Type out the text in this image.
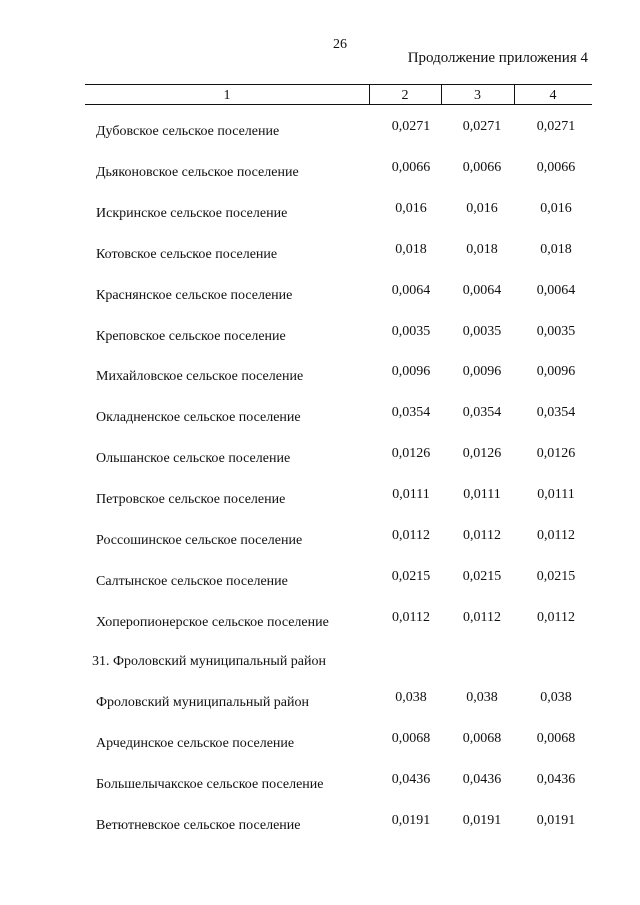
26
Продолжение приложения 4
1	2	3	4
Дубовское сельское поселение	0,0271	0,0271	0,0271
Дьяконовское сельское поселение	0,0066	0,0066	0,0066
Искринское сельское поселение	0,016	0,016	0,016
Котовское сельское поселение	0,018	0,018	0,018
Краснянское сельское поселение	0,0064	0,0064	0,0064
Креповское сельское поселение	0,0035	0,0035	0,0035
Михайловское сельское поселение	0,0096	0,0096	0,0096
Окладненское сельское поселение	0,0354	0,0354	0,0354
Ольшанское сельское поселение	0,0126	0,0126	0,0126
Петровское сельское поселение	0,0111	0,0111	0,0111
Россошинское сельское поселение	0,0112	0,0112	0,0112
Салтынское сельское поселение	0,0215	0,0215	0,0215
Хоперопионерское сельское поселение	0,0112	0,0112	0,0112
31. Фроловский муниципальный район
Фроловский муниципальный район	0,038	0,038	0,038
Арчединское сельское поселение	0,0068	0,0068	0,0068
Большелычакское сельское поселение	0,0436	0,0436	0,0436
Ветютневское сельское поселение	0,0191	0,0191	0,0191
